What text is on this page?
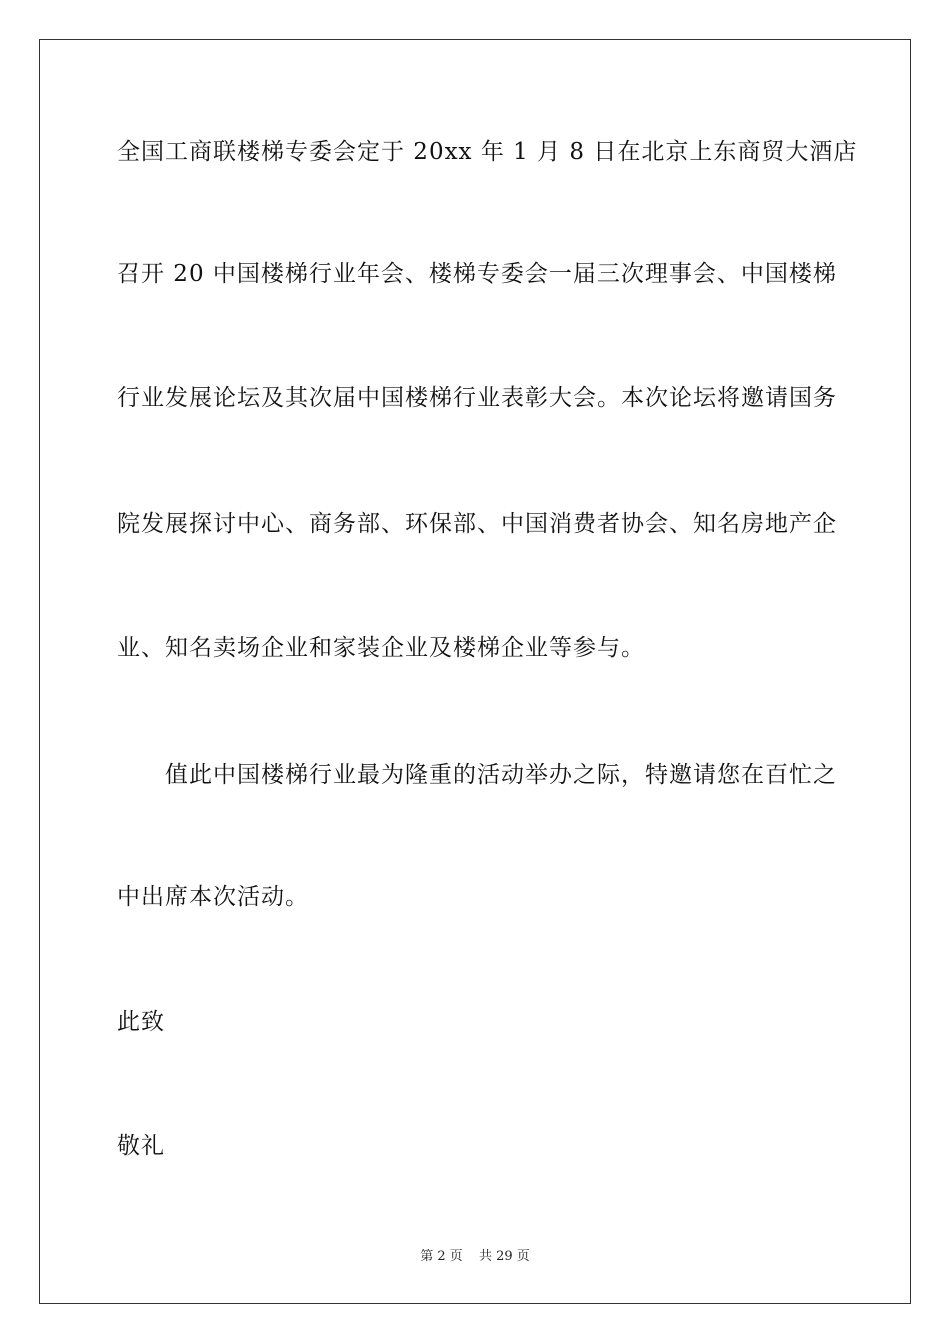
全国工商联楼梯专委会定于 20xx 年 1 月 8 日在北京上东商贸大酒店
召开 20 中国楼梯行业年会、楼梯专委会一届三次理事会、中国楼梯
行业发展论坛及其次届中国楼梯行业表彰大会。本次论坛将邀请国务
院发展探讨中心、商务部、环保部、中国消费者协会、知名房地产企
业、知名卖场企业和家装企业及楼梯企业等参与。
值此中国楼梯行业最为隆重的活动举办之际，特邀请您在百忙之
中出席本次活动。
此致
敬礼
第 2 页 共 29 页
